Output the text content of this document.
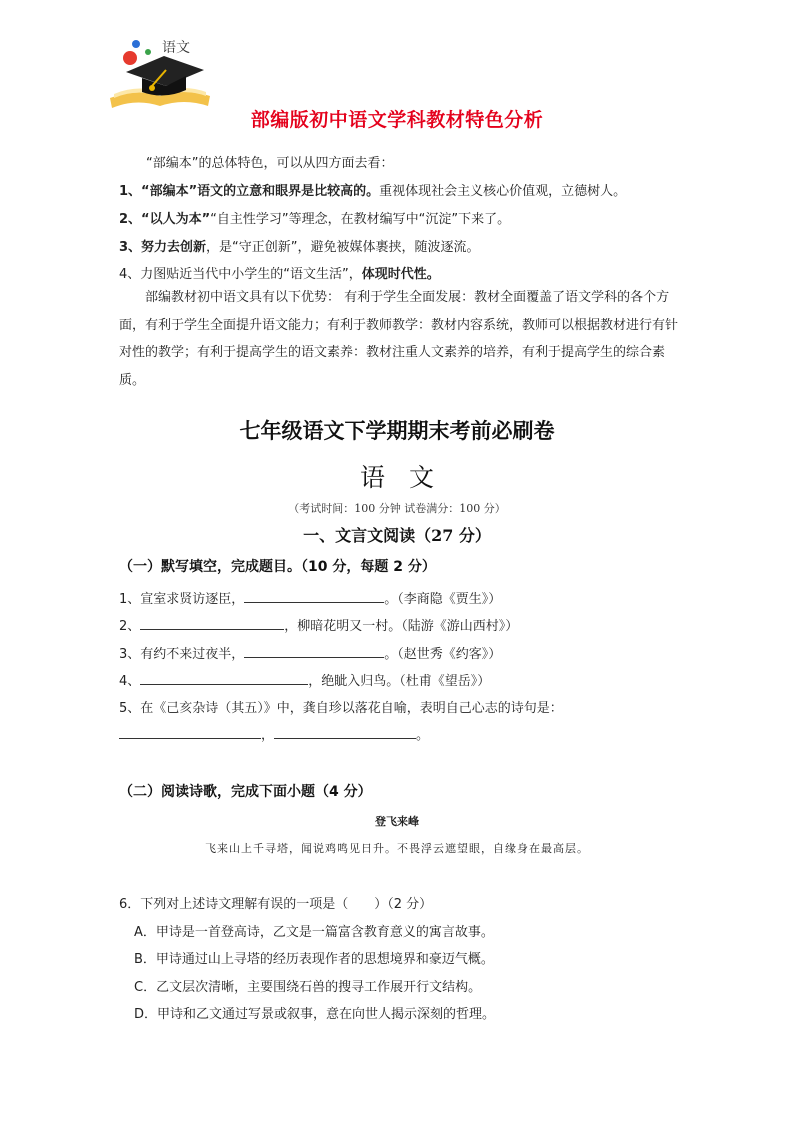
语文
部编版初中语文学科教材特色分析
“部编本”的总体特色，可以从四方面去看：
1、“部编本”语文的立意和眼界是比较高的。重视体现社会主义核心价值观，立德树人。
2、“以人为本”“自主性学习”等理念，在教材编写中“沉淀”下来了。
3、努力去创新，是“守正创新”，避免被媒体裹挟，随波逐流。
4、力图贴近当代中小学生的“语文生活”，体现时代性。
部编教材初中语文具有以下优势： 有利于学生全面发展：教材全面覆盖了语文学科的各个方面，有利于学生全面提升语文能力；有利于教师教学：教材内容系统，教师可以根据教材进行有针对性的教学；有利于提高学生的语文素养：教材注重人文素养的培养，有利于提高学生的综合素质。
七年级语文下学期期末考前必刷卷
语文
（考试时间：100 分钟 试卷满分：100 分）
一、文言文阅读（27 分）
（一）默写填空，完成题目。（10 分，每题 2 分）
1、宣室求贤访逐臣，	。（李商隐《贾生》）
2、	，柳暗花明又一村。（陆游《游山西村》）
3、有约不来过夜半，	。（赵世秀《约客》）
4、	，绝眦入归鸟。（杜甫《望岳》）
5、在《己亥杂诗（其五）》中，龚自珍以落花自喻，表明自己心志的诗句是：
，	。
（二）阅读诗歌，完成下面小题（4 分）
登飞来峰
飞来山上千寻塔，闻说鸡鸣见日升。不畏浮云遮望眼，自缘身在最高层。
6．下列对上述诗文理解有误的一项是（　　）（2 分）
A．甲诗是一首登高诗，乙文是一篇富含教育意义的寓言故事。
B．甲诗通过山上寻塔的经历表现作者的思想境界和豪迈气概。
C．乙文层次清晰，主要围绕石兽的搜寻工作展开行文结构。
D．甲诗和乙文通过写景或叙事，意在向世人揭示深刻的哲理。
